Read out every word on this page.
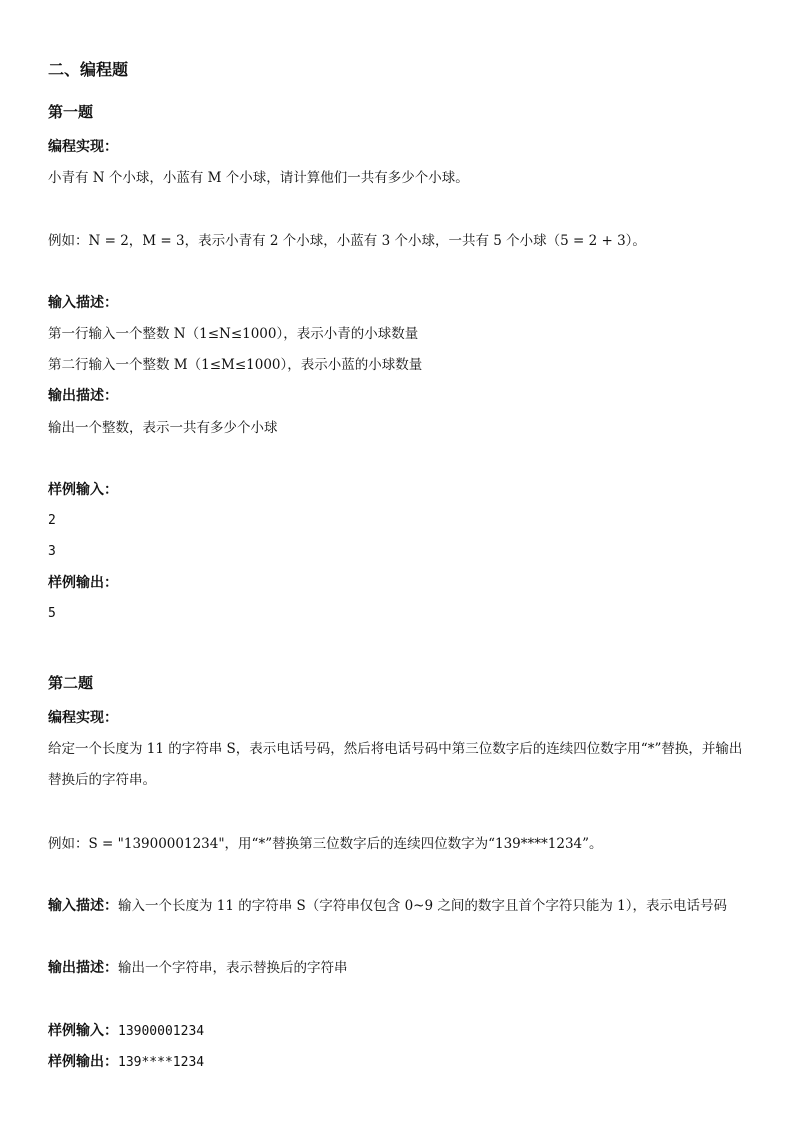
二、编程题
第一题
编程实现：
小青有 N 个小球，小蓝有 M 个小球，请计算他们一共有多少个小球。
例如：N = 2，M = 3，表示小青有 2 个小球，小蓝有 3 个小球，一共有 5 个小球（5 = 2 + 3）。
输入描述：
第一行输入一个整数 N（1≤N≤1000），表示小青的小球数量
第二行输入一个整数 M（1≤M≤1000），表示小蓝的小球数量
输出描述：
输出一个整数，表示一共有多少个小球
样例输入：
2
3
样例输出：
5
第二题
编程实现：
给定一个长度为 11 的字符串 S，表示电话号码，然后将电话号码中第三位数字后的连续四位数字用“*”替换，并输出替换后的字符串。
例如：S = "13900001234"，用“*”替换第三位数字后的连续四位数字为“139****1234”。
输入描述：输入一个长度为 11 的字符串 S（字符串仅包含 0~9 之间的数字且首个字符只能为 1），表示电话号码
输出描述：输出一个字符串，表示替换后的字符串
样例输入：13900001234
样例输出：139****1234
